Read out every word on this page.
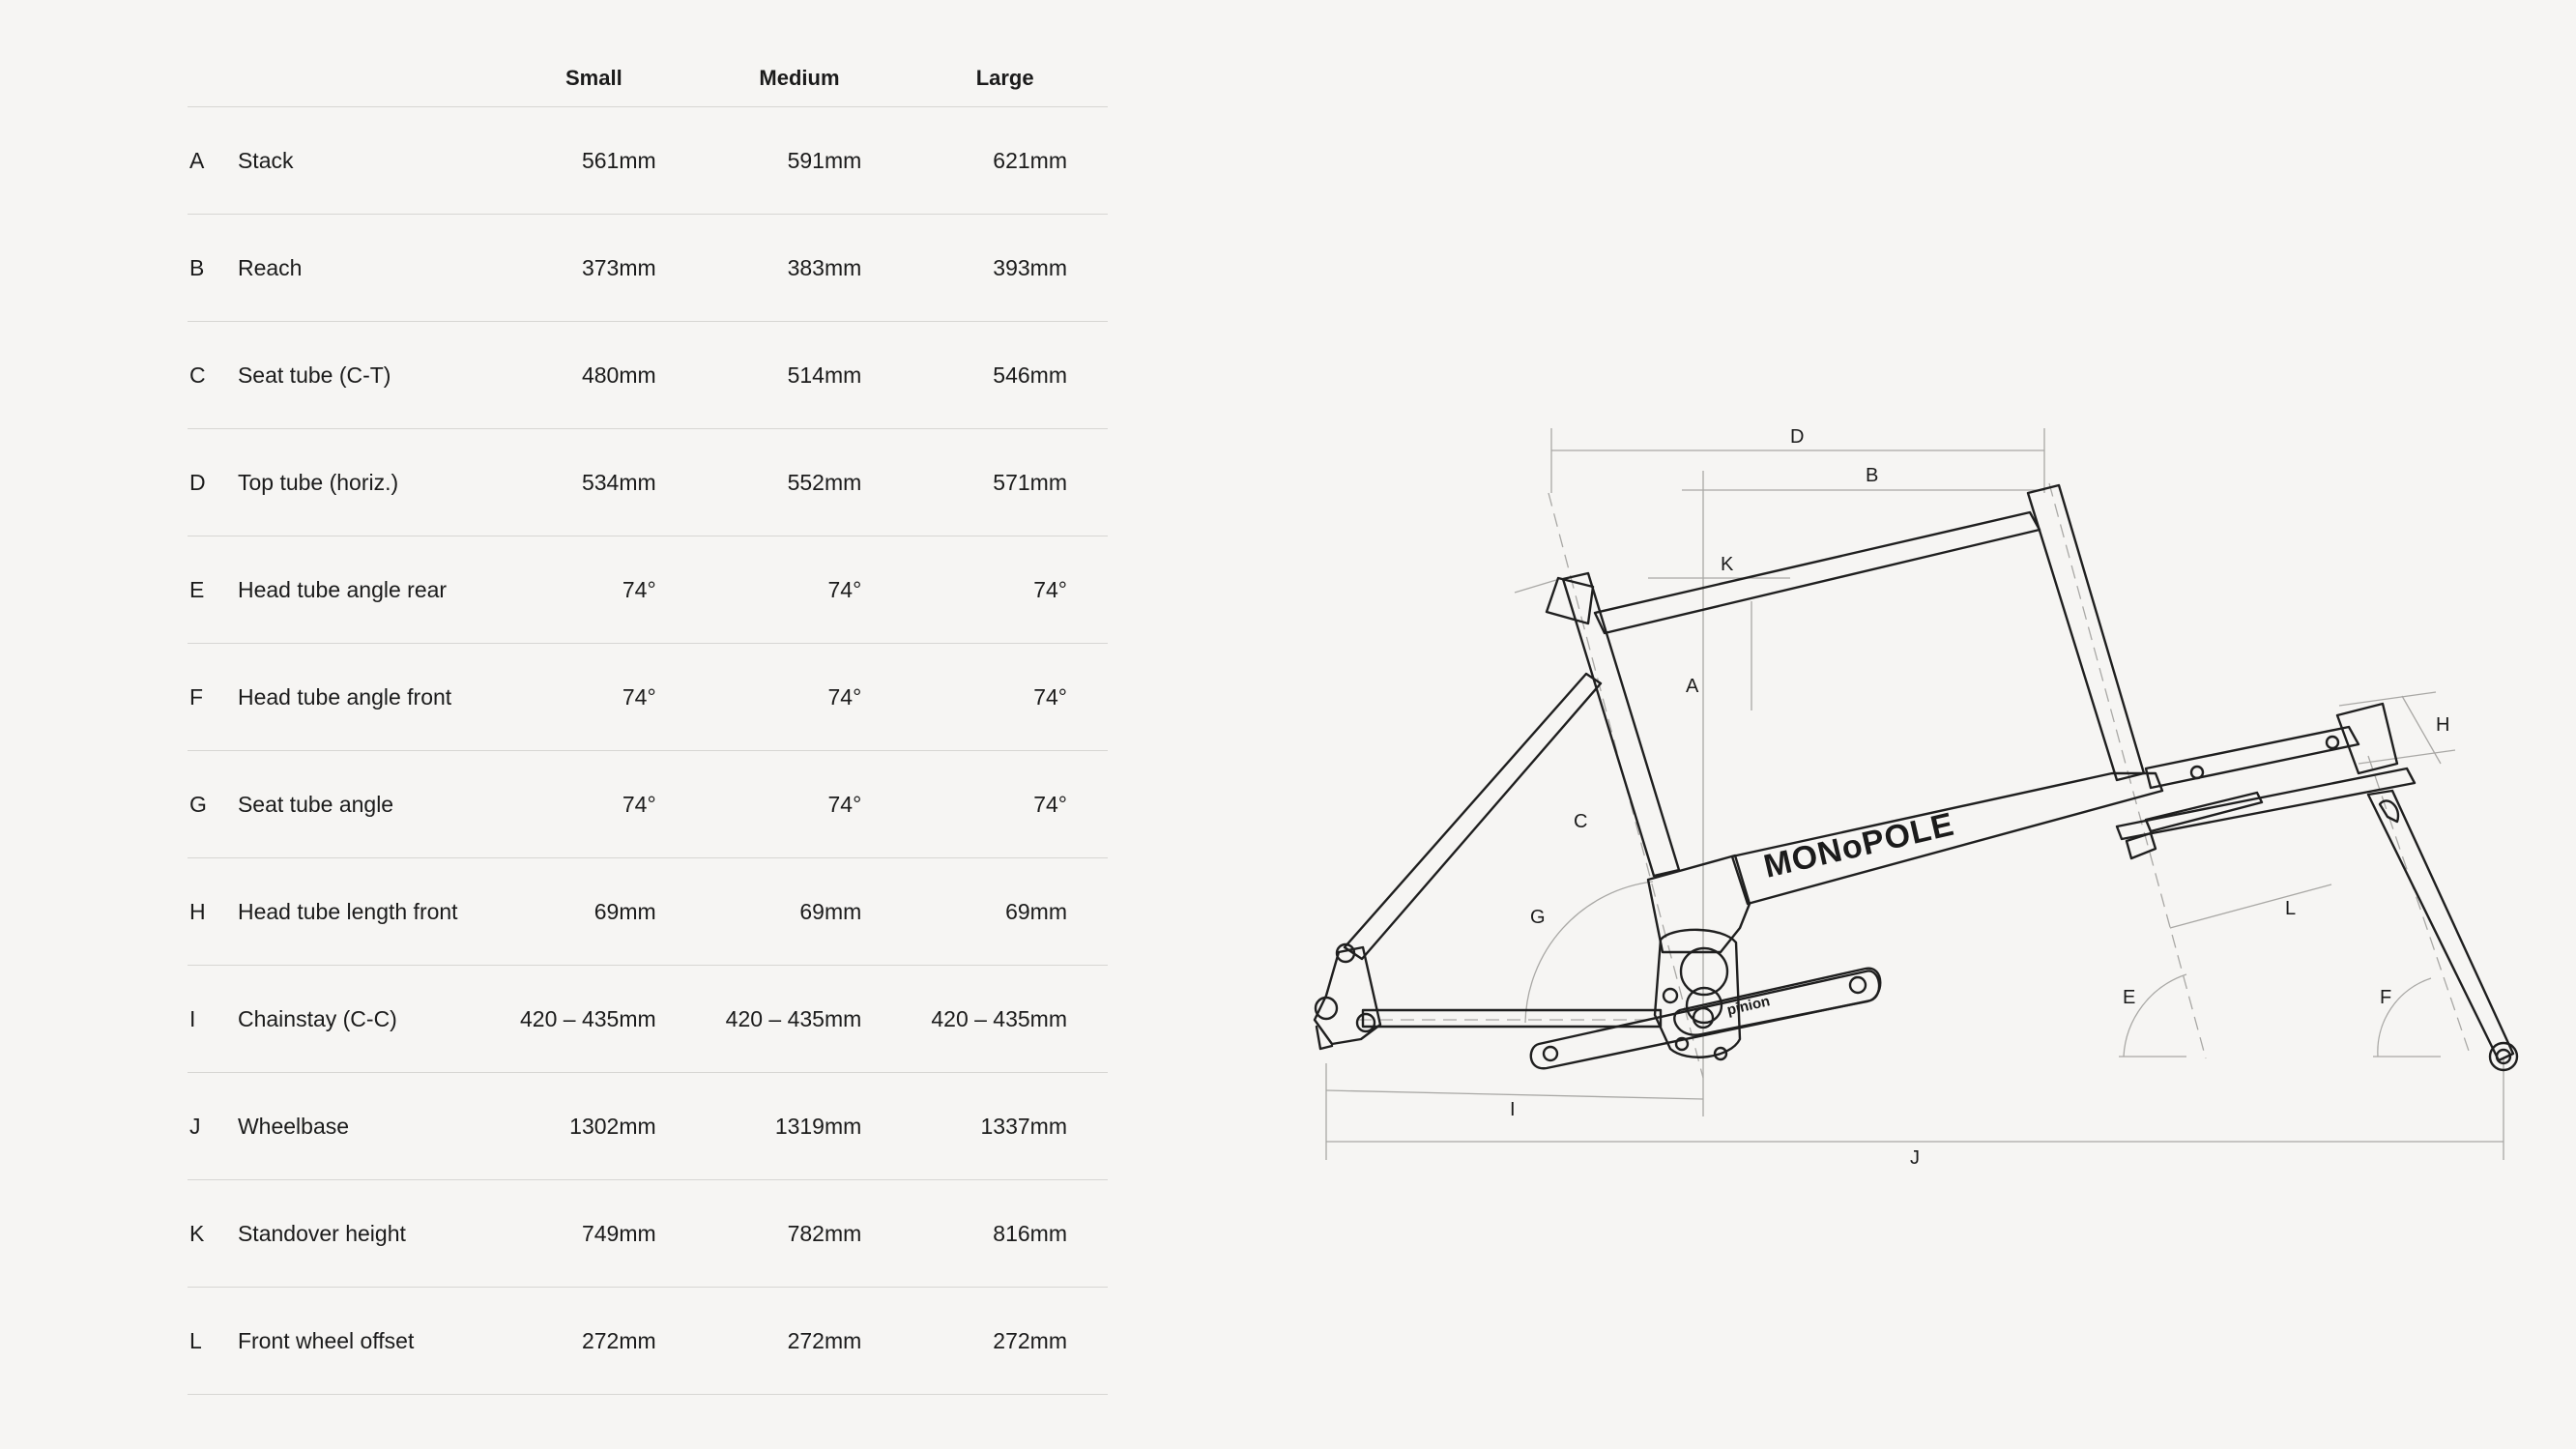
		Small	Medium	Large
A	Stack	561mm	591mm	621mm
B	Reach	373mm	383mm	393mm
C	Seat tube (C-T)	480mm	514mm	546mm
D	Top tube (horiz.)	534mm	552mm	571mm
E	Head tube angle rear	74°	74°	74°
F	Head tube angle front	74°	74°	74°
G	Seat tube angle	74°	74°	74°
H	Head tube length front	69mm	69mm	69mm
I	Chainstay (C-C)	420 – 435mm	420 – 435mm	420 – 435mm
J	Wheelbase	1302mm	1319mm	1337mm
K	Standover height	749mm	782mm	816mm
L	Front wheel offset	272mm	272mm	272mm
MONoPOLE
pinion
D
B
K
A
C
G
I
J
E
L
F
H
